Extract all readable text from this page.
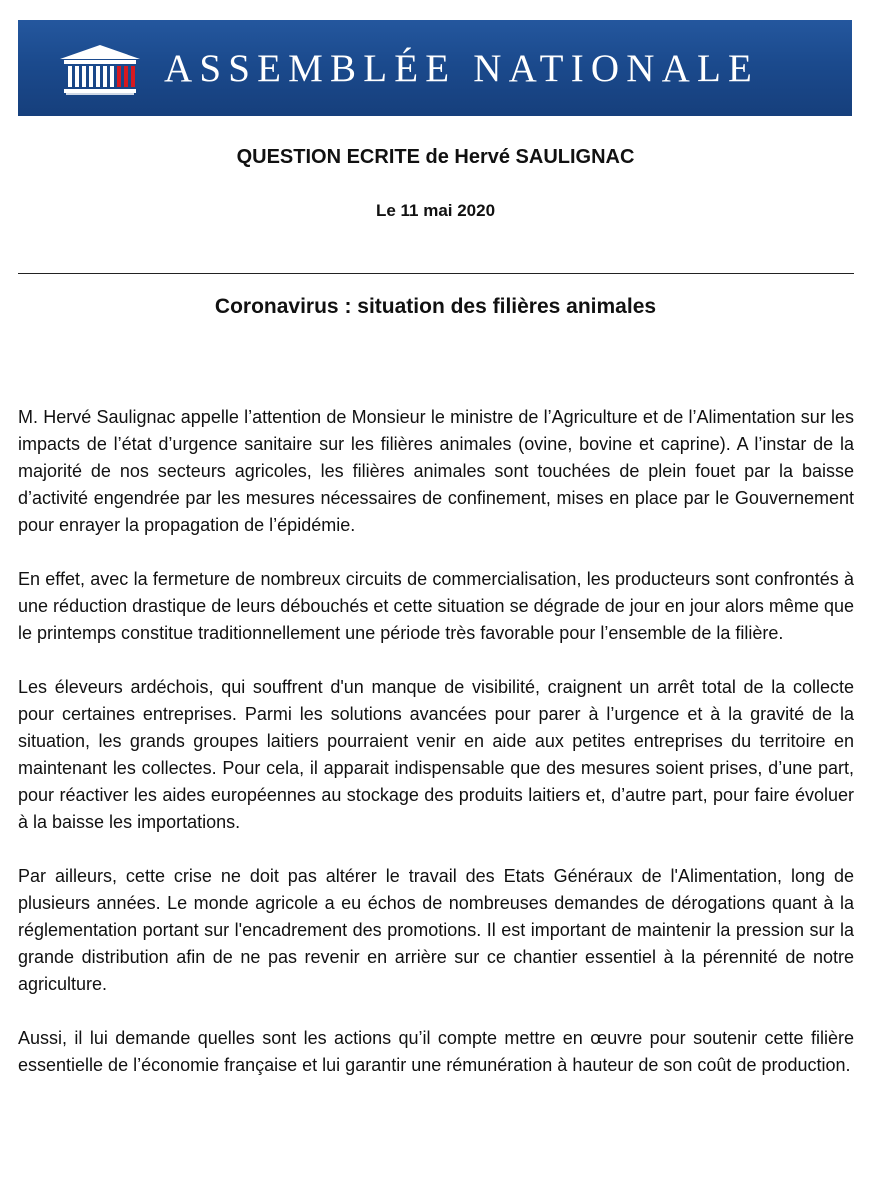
ASSEMBLÉE NATIONALE
QUESTION ECRITE de Hervé SAULIGNAC
Le 11 mai 2020
Coronavirus : situation des filières animales

M. Hervé Saulignac appelle l’attention de Monsieur le ministre de l’Agriculture et de l’Alimentation sur les impacts de l’état d’urgence sanitaire sur les filières animales (ovine, bovine et caprine). A l’instar de la majorité de nos secteurs agricoles, les filières animales sont touchées de plein fouet par la baisse d’activité engendrée par les mesures nécessaires de confinement, mises en place par le Gouvernement pour enrayer la propagation de l’épidémie.

En effet, avec la fermeture de nombreux circuits de commercialisation, les producteurs sont confrontés à une réduction drastique de leurs débouchés et cette situation se dégrade de jour en jour alors même que le printemps constitue traditionnellement une période très favorable pour l’ensemble de la filière.

Les éleveurs ardéchois, qui souffrent d'un manque de visibilité, craignent un arrêt total de la collecte pour certaines entreprises. Parmi les solutions avancées pour parer à l’urgence et à la gravité de la situation, les grands groupes laitiers pourraient venir en aide aux petites entreprises du territoire en maintenant les collectes. Pour cela, il apparait indispensable que des mesures soient prises, d’une part, pour réactiver les aides européennes au stockage des produits laitiers et, d’autre part, pour faire évoluer à la baisse les importations.

Par ailleurs, cette crise ne doit pas altérer le travail des Etats Généraux de l'Alimentation, long de plusieurs années. Le monde agricole a eu échos de nombreuses demandes de dérogations quant à la réglementation portant sur l'encadrement des promotions. Il est important de maintenir la pression sur la grande distribution afin de ne pas revenir en arrière sur ce chantier essentiel à la pérennité de notre agriculture.

Aussi, il lui demande quelles sont les actions qu’il compte mettre en œuvre pour soutenir cette filière essentielle de l’économie française et lui garantir une rémunération à hauteur de son coût de production.
